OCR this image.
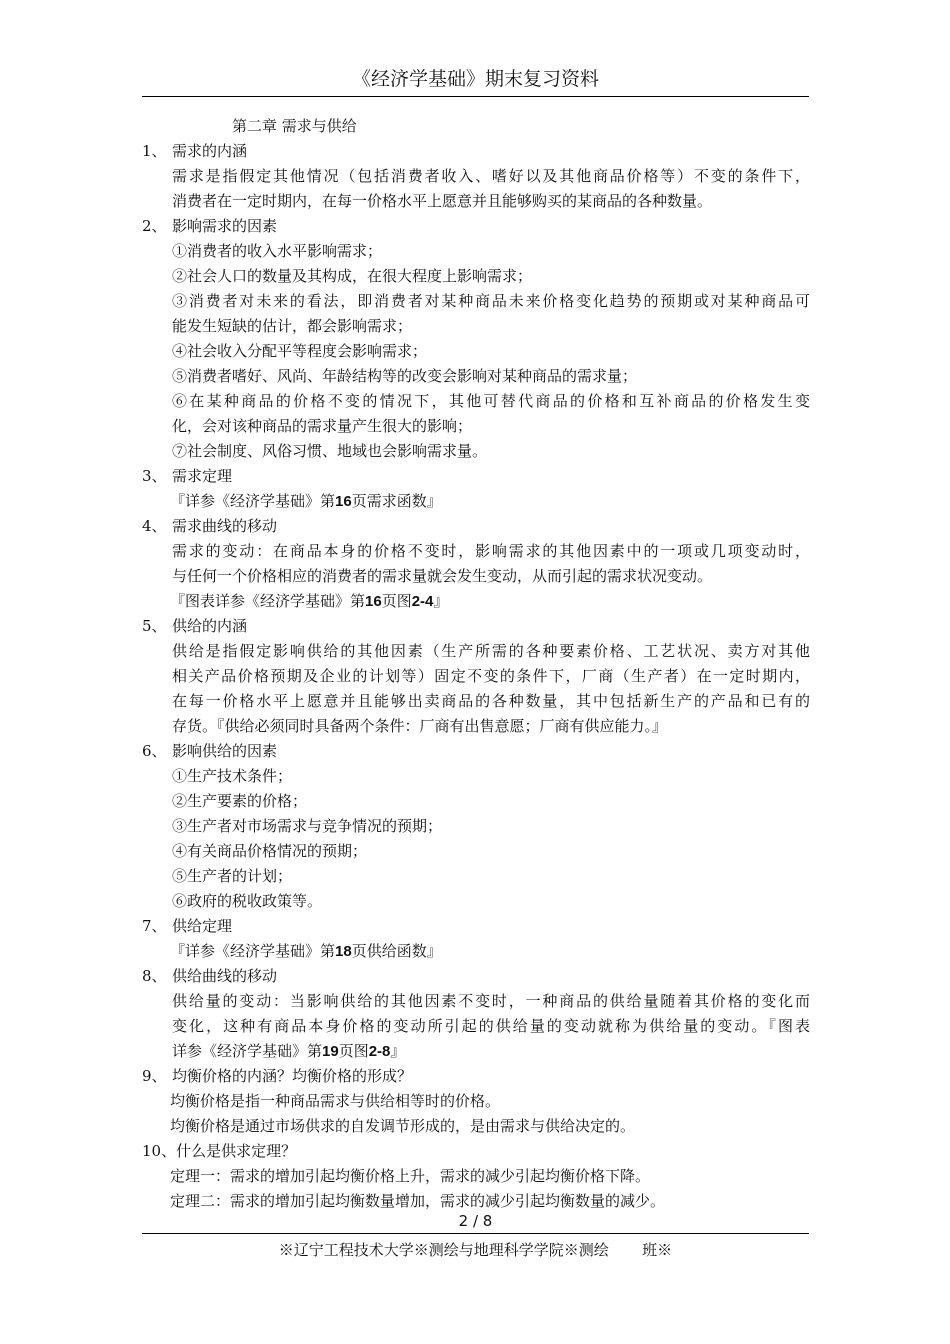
《经济学基础》期末复习资料
第二章 需求与供给
1、 需求的内涵
需求是指假定其他情况（包括消费者收入、嗜好以及其他商品价格等）不变的条件下，
消费者在一定时期内，在每一价格水平上愿意并且能够购买的某商品的各种数量。
2、 影响需求的因素
①消费者的收入水平影响需求；
②社会人口的数量及其构成，在很大程度上影响需求；
③消费者对未来的看法，即消费者对某种商品未来价格变化趋势的预期或对某种商品可
能发生短缺的估计，都会影响需求；
④社会收入分配平等程度会影响需求；
⑤消费者嗜好、风尚、年龄结构等的改变会影响对某种商品的需求量；
⑥在某种商品的价格不变的情况下，其他可替代商品的价格和互补商品的价格发生变
化，会对该种商品的需求量产生很大的影响；
⑦社会制度、风俗习惯、地域也会影响需求量。
3、 需求定理
『详参《经济学基础》第16页需求函数』
4、 需求曲线的移动
需求的变动：在商品本身的价格不变时，影响需求的其他因素中的一项或几项变动时，
与任何一个价格相应的消费者的需求量就会发生变动，从而引起的需求状况变动。
『图表详参《经济学基础》第16页图2-4』
5、 供给的内涵
供给是指假定影响供给的其他因素（生产所需的各种要素价格、工艺状况、卖方对其他
相关产品价格预期及企业的计划等）固定不变的条件下，厂商（生产者）在一定时期内，
在每一价格水平上愿意并且能够出卖商品的各种数量，其中包括新生产的产品和已有的
存货。『供给必须同时具备两个条件：厂商有出售意愿；厂商有供应能力。』
6、 影响供给的因素
①生产技术条件；
②生产要素的价格；
③生产者对市场需求与竞争情况的预期；
④有关商品价格情况的预期；
⑤生产者的计划；
⑥政府的税收政策等。
7、 供给定理
『详参《经济学基础》第18页供给函数』
8、 供给曲线的移动
供给量的变动：当影响供给的其他因素不变时，一种商品的供给量随着其价格的变化而
变化，这种有商品本身价格的变动所引起的供给量的变动就称为供给量的变动。『图表
详参《经济学基础》第19页图2-8』
9、 均衡价格的内涵？均衡价格的形成？
均衡价格是指一种商品需求与供给相等时的价格。
均衡价格是通过市场供求的自发调节形成的，是由需求与供给决定的。
10、什么是供求定理？
定理一：需求的增加引起均衡价格上升，需求的减少引起均衡价格下降。
定理二：需求的增加引起均衡数量增加，需求的减少引起均衡数量的减少。
2 / 8
※辽宁工程技术大学※测绘与地理科学学院※测绘       班※
